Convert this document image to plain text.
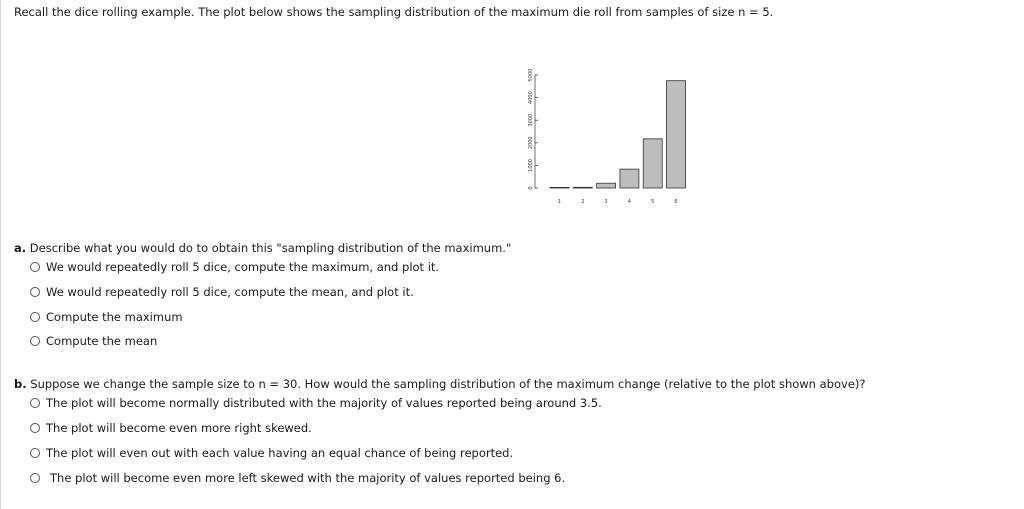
Recall the dice rolling example. The plot below shows the sampling distribution of the maximum die roll from samples of size n = 5.
0
1000
2000
3000
4000
5000
1	2	3	4	5	6
a. Describe what you would do to obtain this "sampling distribution of the maximum."
We would repeatedly roll 5 dice, compute the maximum, and plot it.
We would repeatedly roll 5 dice, compute the mean, and plot it.
Compute the maximum
Compute the mean
b. Suppose we change the sample size to n = 30. How would the sampling distribution of the maximum change (relative to the plot shown above)?
The plot will become normally distributed with the majority of values reported being around 3.5.
The plot will become even more right skewed.
The plot will even out with each value having an equal chance of being reported.
The plot will become even more left skewed with the majority of values reported being 6.
